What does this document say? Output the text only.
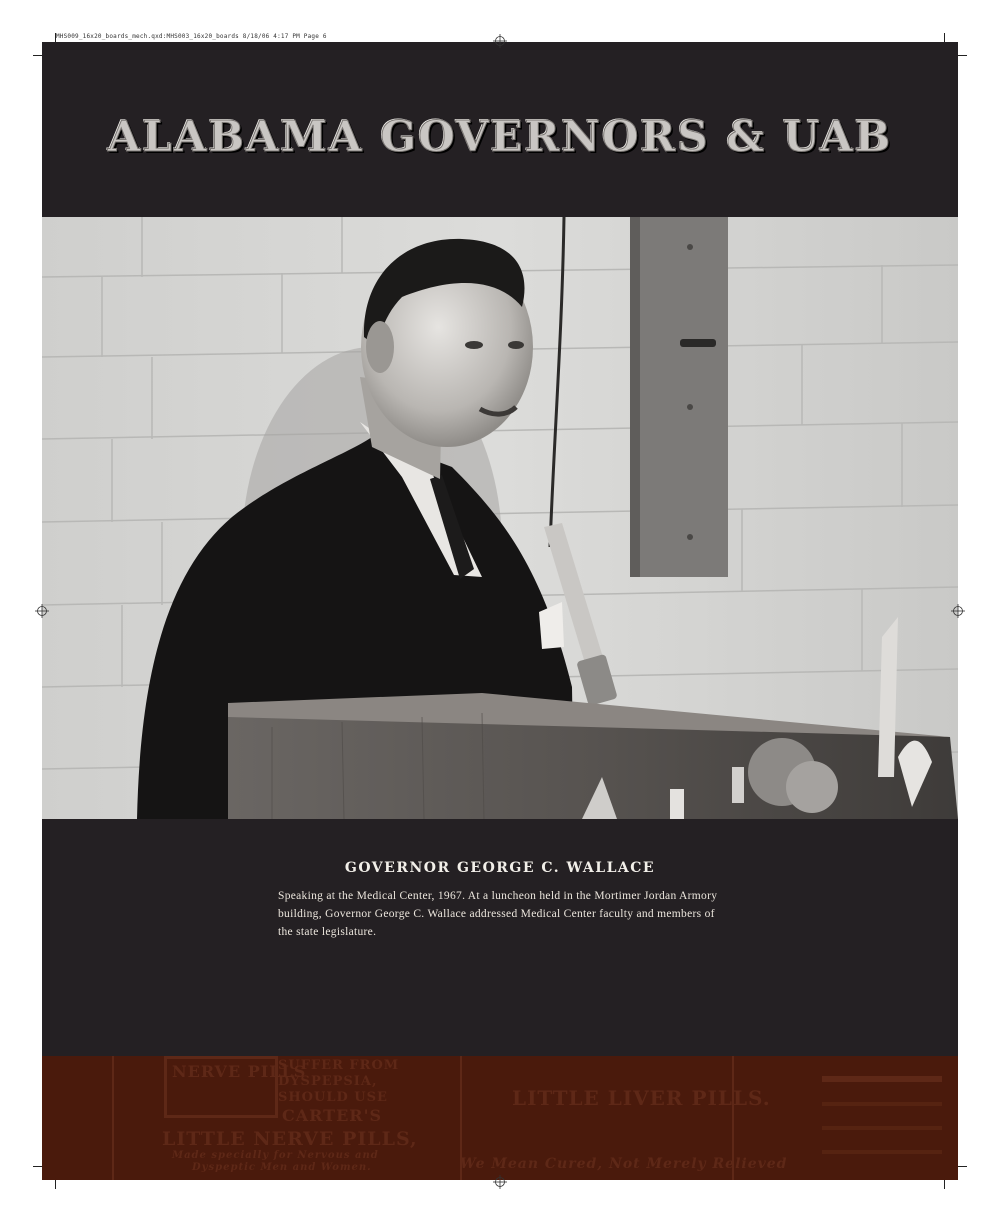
MHS009_16x20_boards_mech.qxd:MHS003_16x20_boards 8/18/06 4:17 PM Page 6
ALABAMA GOVERNORS & UAB
GOVERNOR GEORGE C. WALLACE
Speaking at the Medical Center, 1967. At a luncheon held in the Mortimer Jordan Armory building, Governor George C. Wallace addressed Medical Center faculty and members of the state legislature.
NERVE PILLS
SUFFER FROM
DYSPEPSIA,
SHOULD USE
CARTER'S
LITTLE NERVE PILLS,
Made specially for Nervous and
Dyspeptic Men and Women.
LITTLE LIVER PILLS.
We Mean Cured, Not Merely Relieved
